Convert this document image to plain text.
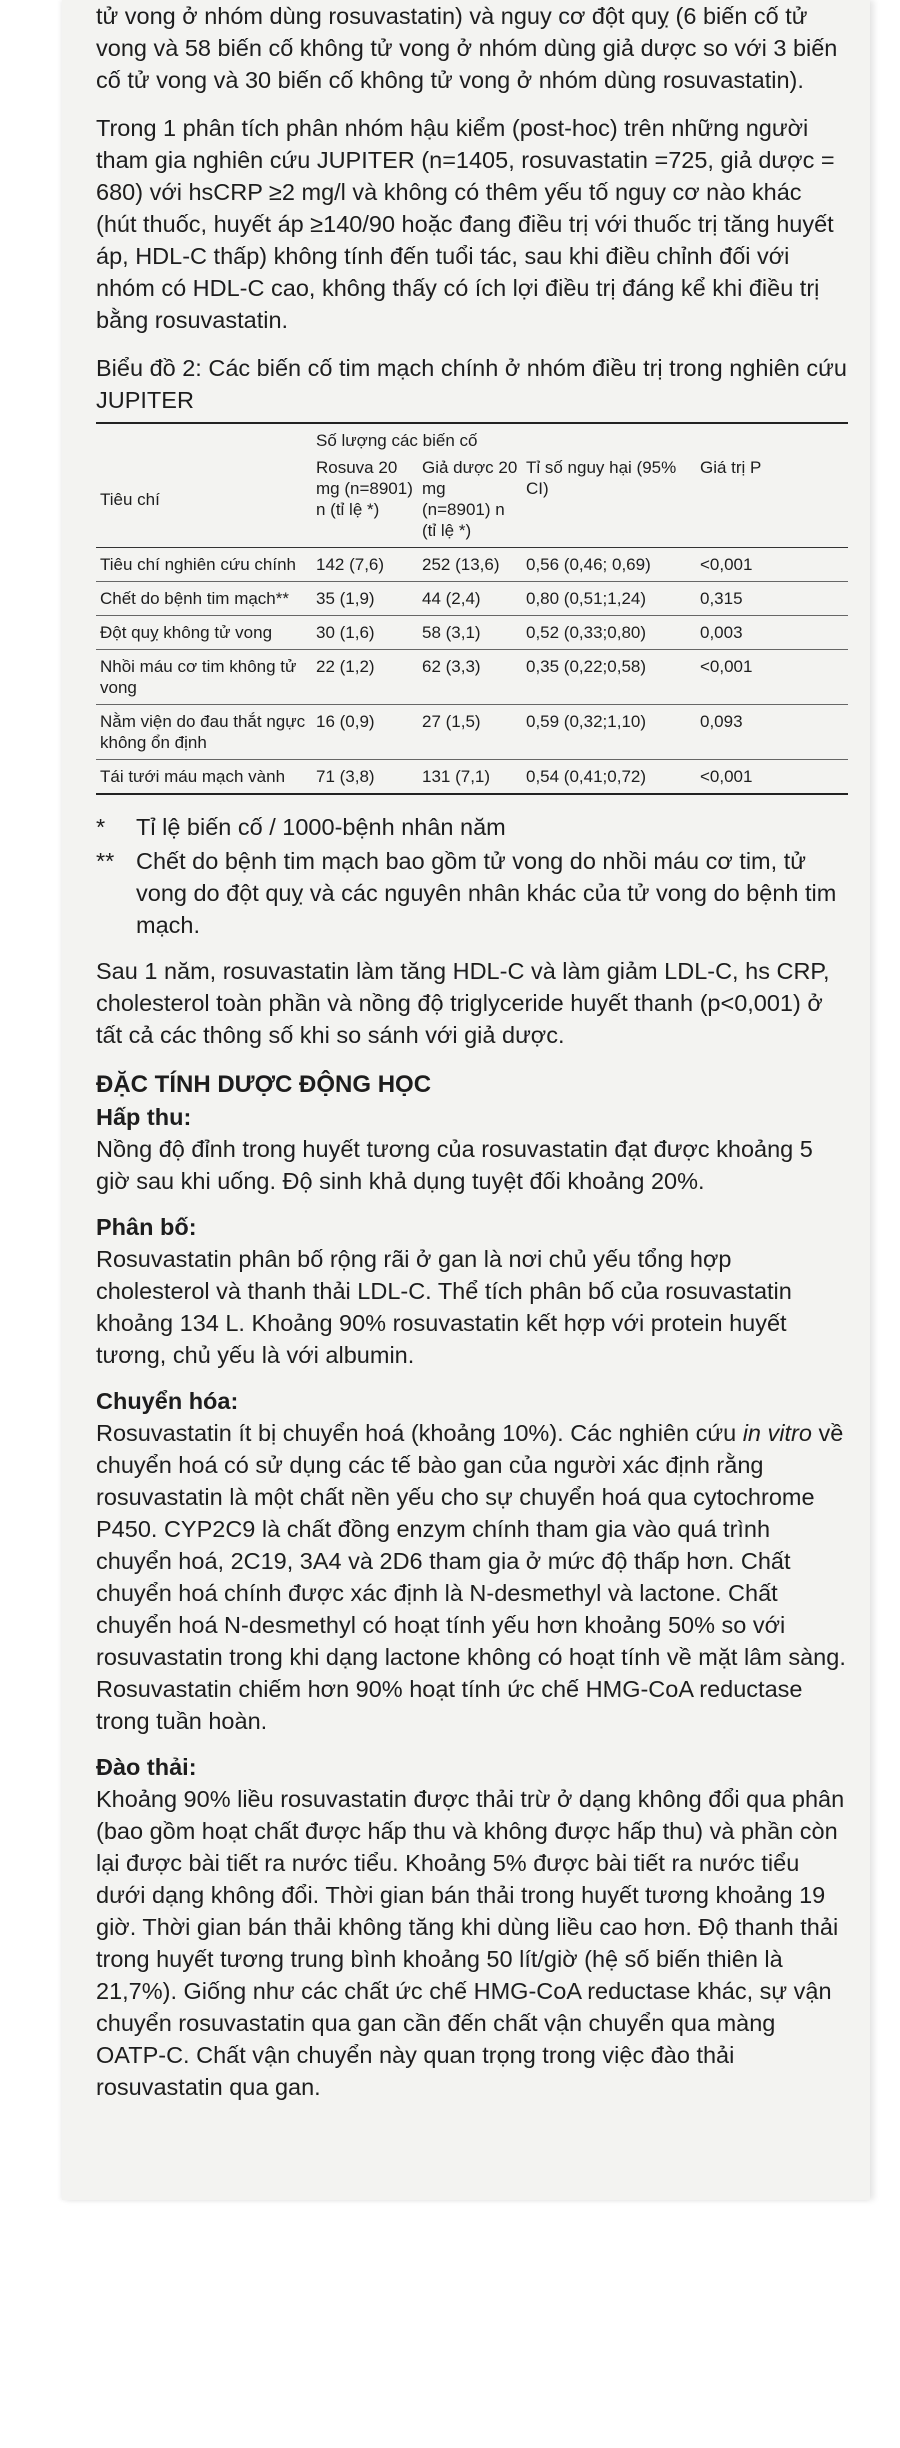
tử vong ở nhóm dùng rosuvastatin) và nguy cơ đột quỵ (6 biến cố tử vong và 58 biến cố không tử vong ở nhóm dùng giả dược so với 3 biến cố tử vong và 30 biến cố không tử vong ở nhóm dùng rosuvastatin).

Trong 1 phân tích phân nhóm hậu kiểm (post-hoc) trên những người tham gia nghiên cứu JUPITER (n=1405, rosuvastatin =725, giả dược = 680) với hsCRP ≥2 mg/l và không có thêm yếu tố nguy cơ nào khác (hút thuốc, huyết áp ≥140/90 hoặc đang điều trị với thuốc trị tăng huyết áp, HDL-C thấp) không tính đến tuổi tác, sau khi điều chỉnh đối với nhóm có HDL-C cao, không thấy có ích lợi điều trị đáng kể khi điều trị bằng rosuvastatin.

Biểu đồ 2: Các biến cố tim mạch chính ở nhóm điều trị trong nghiên cứu JUPITER

	Số lượng các biến cố			
Tiêu chí	Rosuva 20 mg (n=8901) n (tỉ lệ *)	Giả dược 20 mg (n=8901) n (tỉ lệ *)	Tỉ số nguy hại (95% CI)	Giá trị P
Tiêu chí nghiên cứu chính	142 (7,6)	252 (13,6)	0,56 (0,46; 0,69)	<0,001
Chết do bệnh tim mạch**	35 (1,9)	44 (2,4)	0,80 (0,51;1,24)	0,315
Đột quỵ không tử vong	30 (1,6)	58 (3,1)	0,52 (0,33;0,80)	0,003
Nhồi máu cơ tim không tử vong	22 (1,2)	62 (3,3)	0,35 (0,22;0,58)	<0,001
Nằm viện do đau thắt ngực không ổn định	16 (0,9)	27 (1,5)	0,59 (0,32;1,10)	0,093
Tái tưới máu mạch vành	71 (3,8)	131 (7,1)	0,54 (0,41;0,72)	<0,001
*	Tỉ lệ biến cố / 1000-bệnh nhân năm
** Chết do bệnh tim mạch bao gồm tử vong do nhồi máu cơ tim, tử vong do đột quỵ và các nguyên nhân khác của tử vong do bệnh tim mạch.

Sau 1 năm, rosuvastatin làm tăng HDL-C và làm giảm LDL-C, hs CRP, cholesterol toàn phần và nồng độ triglyceride huyết thanh (p<0,001) ở tất cả các thông số khi so sánh với giả dược.

ĐẶC TÍNH DƯỢC ĐỘNG HỌC
Hấp thu:

Nồng độ đỉnh trong huyết tương của rosuvastatin đạt được khoảng 5 giờ sau khi uống. Độ sinh khả dụng tuyệt đối khoảng 20%.

Phân bố:

Rosuvastatin phân bố rộng rãi ở gan là nơi chủ yếu tổng hợp cholesterol và thanh thải LDL-C. Thể tích phân bố của rosuvastatin khoảng 134 L. Khoảng 90% rosuvastatin kết hợp với protein huyết tương, chủ yếu là với albumin.

Chuyển hóa:

Rosuvastatin ít bị chuyển hoá (khoảng 10%). Các nghiên cứu in vitro về chuyển hoá có sử dụng các tế bào gan của người xác định rằng rosuvastatin là một chất nền yếu cho sự chuyển hoá qua cytochrome P450. CYP2C9 là chất đồng enzym chính tham gia vào quá trình chuyển hoá, 2C19, 3A4 và 2D6 tham gia ở mức độ thấp hơn. Chất chuyển hoá chính được xác định là N-desmethyl và lactone. Chất chuyển hoá N-desmethyl có hoạt tính yếu hơn khoảng 50% so với rosuvastatin trong khi dạng lactone không có hoạt tính về mặt lâm sàng. Rosuvastatin chiếm hơn 90% hoạt tính ức chế HMG-CoA reductase trong tuần hoàn.

Đào thải:

Khoảng 90% liều rosuvastatin được thải trừ ở dạng không đổi qua phân (bao gồm hoạt chất được hấp thu và không được hấp thu) và phần còn lại được bài tiết ra nước tiểu. Khoảng 5% được bài tiết ra nước tiểu dưới dạng không đổi. Thời gian bán thải trong huyết tương khoảng 19 giờ. Thời gian bán thải không tăng khi dùng liều cao hơn. Độ thanh thải trong huyết tương trung bình khoảng 50 lít/giờ (hệ số biến thiên là 21,7%). Giống như các chất ức chế HMG-CoA reductase khác, sự vận chuyển rosuvastatin qua gan cần đến chất vận chuyển qua màng OATP-C. Chất vận chuyển này quan trọng trong việc đào thải rosuvastatin qua gan.
